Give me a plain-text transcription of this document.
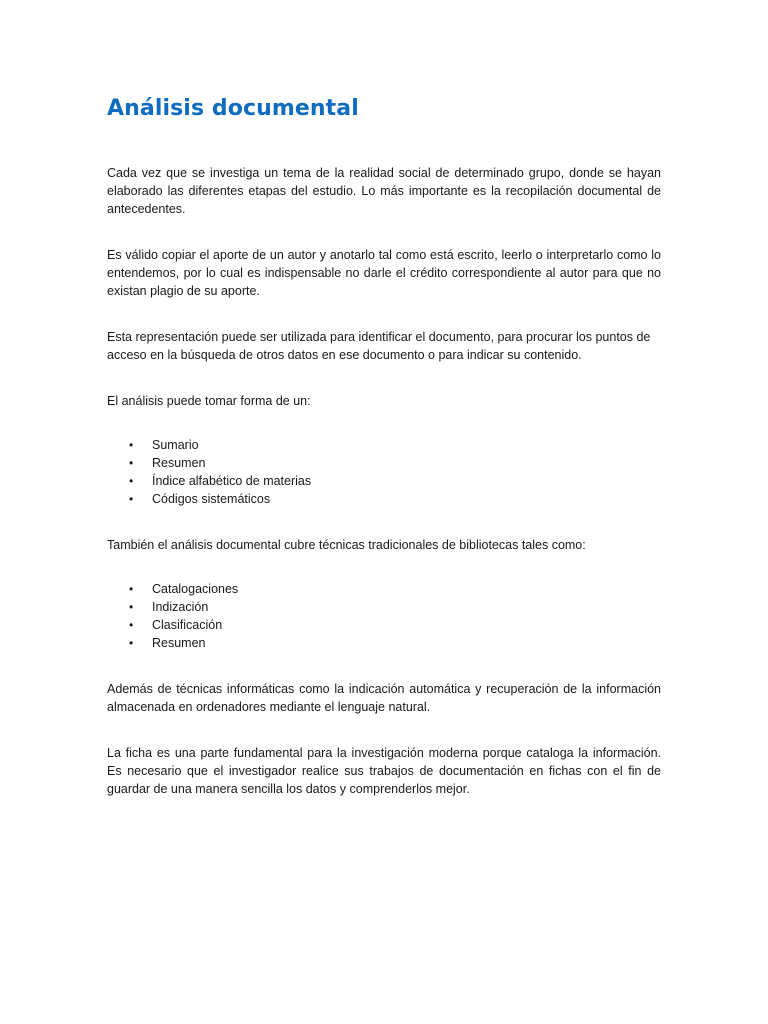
Análisis documental

Cada vez que se investiga un tema de la realidad social de determinado grupo, donde se hayan elaborado las diferentes etapas del estudio. Lo más importante es la recopilación documental de antecedentes.

Es válido copiar el aporte de un autor y anotarlo tal como está escrito, leerlo o interpretarlo como lo entendemos, por lo cual es indispensable no darle el crédito correspondiente al autor para que no existan plagio de su aporte.

Esta representación puede ser utilizada para identificar el documento, para procurar los puntos de acceso en la búsqueda de otros datos en ese documento o para indicar su contenido.

El análisis puede tomar forma de un:

• Sumario
• Resumen
• Índice alfabético de materias
• Códigos sistemáticos

También el análisis documental cubre técnicas tradicionales de bibliotecas tales como:

• Catalogaciones
• Indización
• Clasificación
• Resumen

Además de técnicas informáticas como la indicación automática y recuperación de la información almacenada en ordenadores mediante el lenguaje natural.

La ficha es una parte fundamental para la investigación moderna porque cataloga la información. Es necesario que el investigador realice sus trabajos de documentación en fichas con el fin de guardar de una manera sencilla los datos y comprenderlos mejor.
